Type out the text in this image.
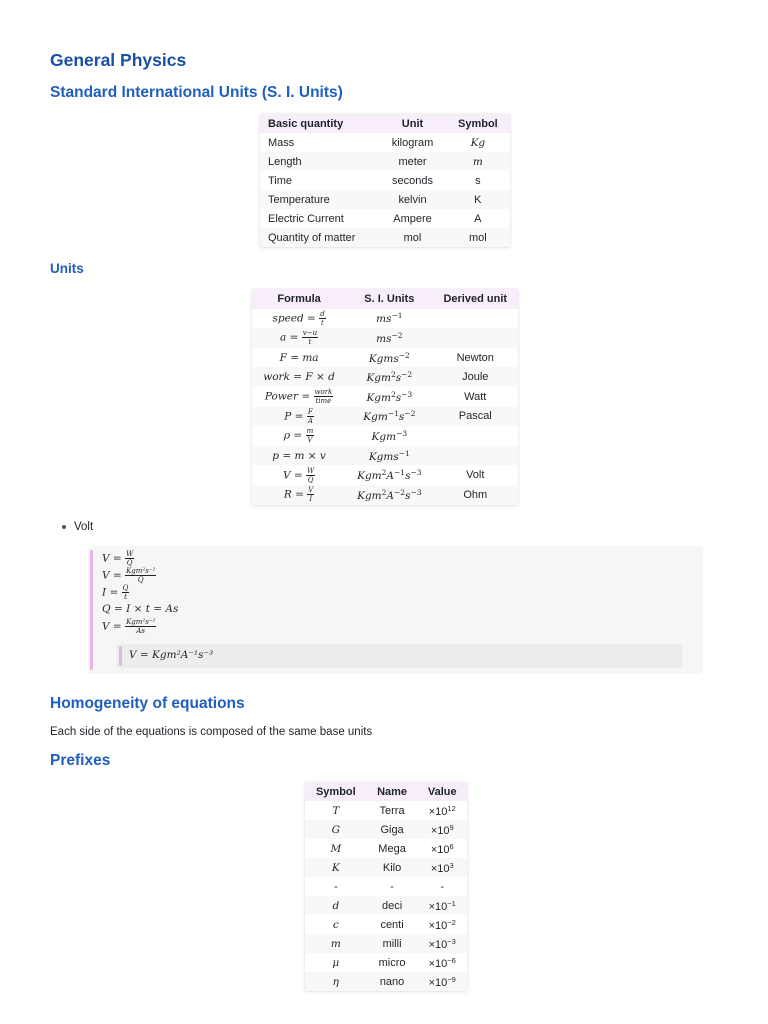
General Physics
Standard International Units (S. I. Units)
Basic quantity	Unit	Symbol
Mass	kilogram	Kg
Length	meter	m
Time	seconds	s
Temperature	kelvin	K
Electric Current	Ampere	A
Quantity of matter	mol	mol
Units
Formula	S. I. Units	Derived unit
speed = $\frac{d}{t}$	$ms^{-1}$	
$a = \frac{v-u}{t}$	$ms^{-2}$	
F = ma	Kgms$^{-2}$	Newton
work = F × d	$Kgm^2s^{-2}$	Joule
Power = $\frac{\text{work}}{\text{time}}$	$Kgm^2s^{-3}$	Watt
$P = \frac{F}{A}$	$Kgm^{-1}s^{-2}$	Pascal
$\rho = \frac{m}{V}$	Kgm$^{-3}$	
p = m × v	Kgms$^{-1}$	
$V = \frac{W}{Q}$	$Kgm^2A^{-1}s^{-3}$	Volt
$R = \frac{V}{I}$	$Kgm^2A^{-2}s^{-3}$	Ohm
Volt
$V = \frac{W}{Q}$
$V = \frac{\text{Kgm²s⁻²}}{Q}$
$I = \frac{Q}{t}$
Q = I × t = As
$V = \frac{\text{Kgm²s⁻²}}{As}$
V = Kgm²A⁻¹s⁻³
Homogeneity of equations

Each side of the equations is composed of the same base units

Prefixes
Symbol	Name	Value
T	Terra	$\times 10^{12}$
G	Giga	$\times 10^9$
M	Mega	$\times 10^6$
K	Kilo	$\times 10^3$
-	-	-
d	deci	$\times 10^{-1}$
c	centi	$\times 10^{-2}$
m	milli	$\times 10^{-3}$
μ	micro	$\times 10^{-6}$
η	nano	$\times 10^{-9}$
